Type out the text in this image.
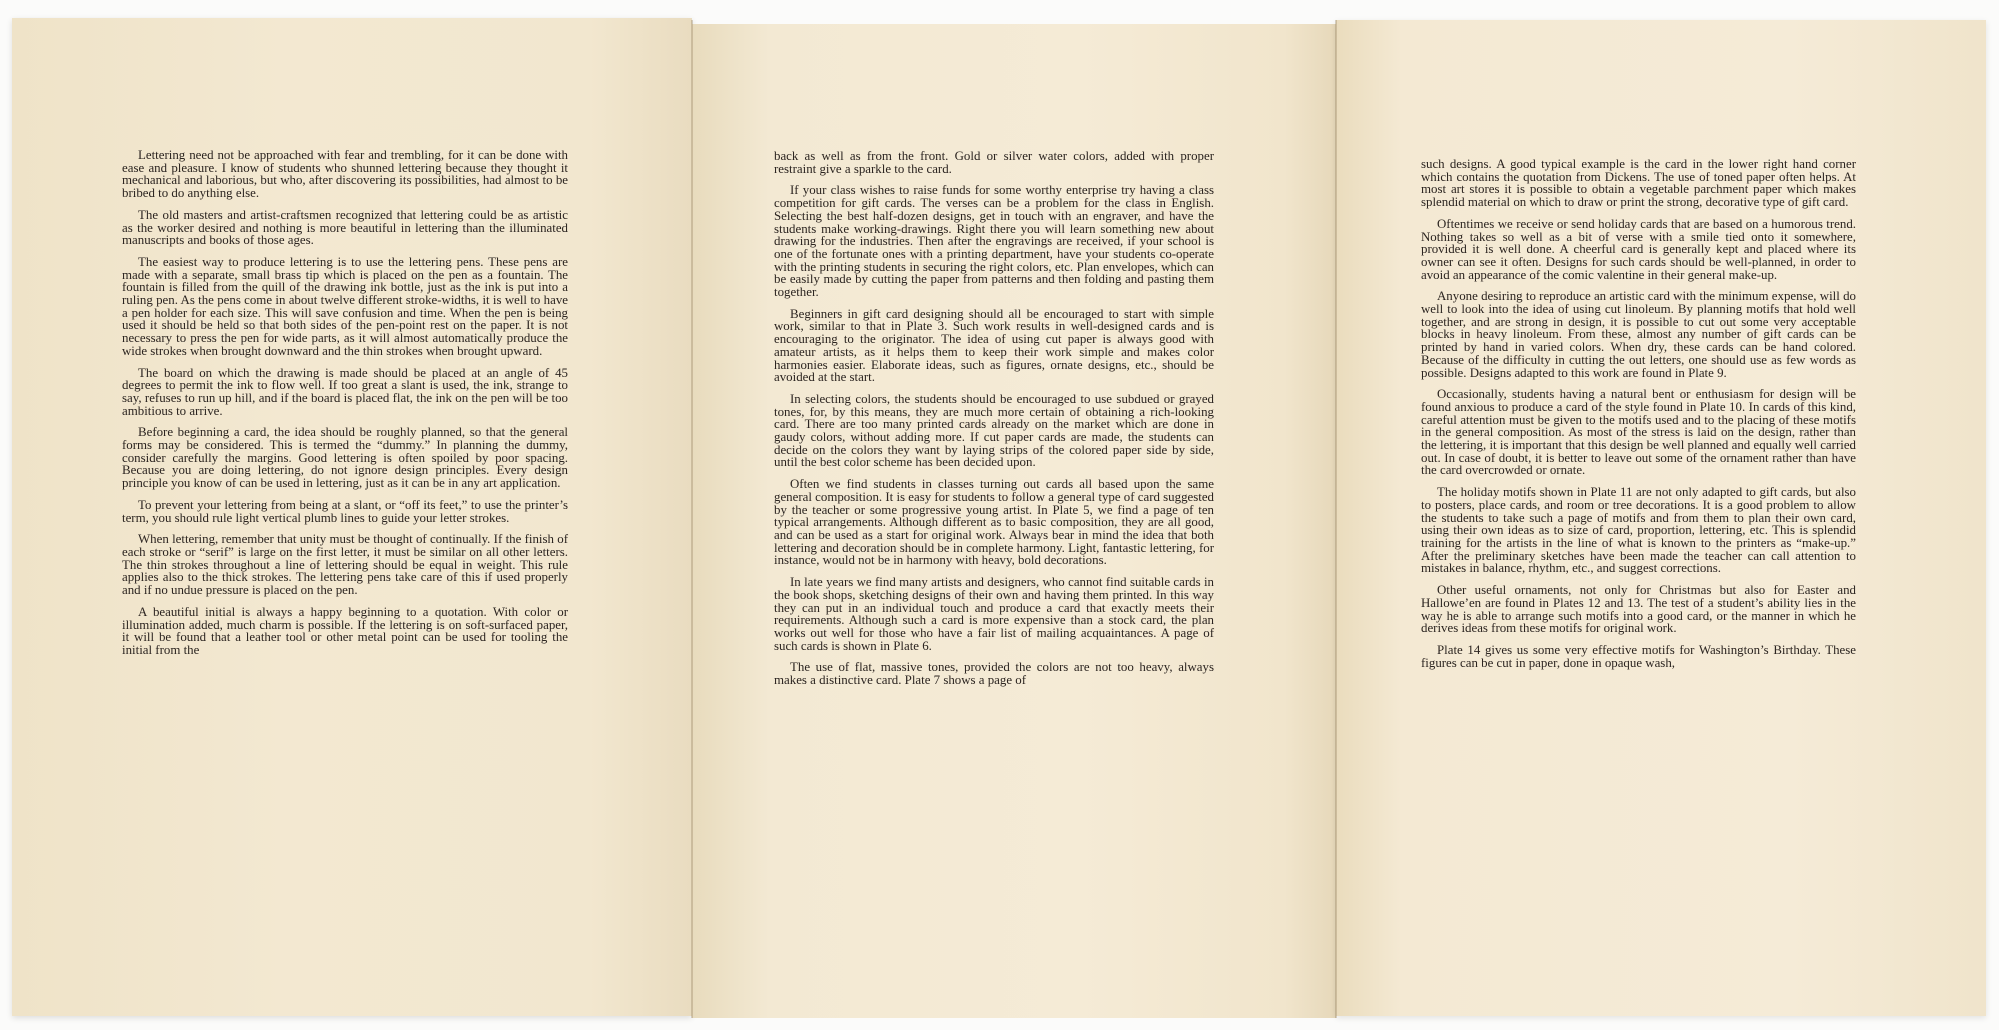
Lettering need not be approached with fear and trembling, for it can be done with ease and pleasure. I know of students who shunned lettering because they thought it mechanical and laborious, but who, after discovering its possibilities, had almost to be bribed to do anything else.

The old masters and artist-craftsmen recognized that lettering could be as artistic as the worker desired and nothing is more beautiful in lettering than the illuminated manuscripts and books of those ages.

The easiest way to produce lettering is to use the lettering pens. These pens are made with a separate, small brass tip which is placed on the pen as a fountain. The fountain is filled from the quill of the drawing ink bottle, just as the ink is put into a ruling pen. As the pens come in about twelve different stroke-widths, it is well to have a pen holder for each size. This will save confusion and time. When the pen is being used it should be held so that both sides of the pen-point rest on the paper. It is not necessary to press the pen for wide parts, as it will almost automatically produce the wide strokes when brought downward and the thin strokes when brought upward.

The board on which the drawing is made should be placed at an angle of 45 degrees to permit the ink to flow well. If too great a slant is used, the ink, strange to say, refuses to run up hill, and if the board is placed flat, the ink on the pen will be too ambitious to arrive.

Before beginning a card, the idea should be roughly planned, so that the general forms may be considered. This is termed the “dummy.” In planning the dummy, consider carefully the margins. Good lettering is often spoiled by poor spacing. Because you are doing lettering, do not ignore design principles. Every design principle you know of can be used in lettering, just as it can be in any art application.

To prevent your lettering from being at a slant, or “off its feet,” to use the printer’s term, you should rule light vertical plumb lines to guide your letter strokes.

When lettering, remember that unity must be thought of continually. If the finish of each stroke or “serif” is large on the first letter, it must be similar on all other letters. The thin strokes throughout a line of lettering should be equal in weight. This rule applies also to the thick strokes. The lettering pens take care of this if used properly and if no undue pressure is placed on the pen.

A beautiful initial is always a happy beginning to a quotation. With color or illumination added, much charm is possible. If the lettering is on soft-surfaced paper, it will be found that a leather tool or other metal point can be used for tooling the initial from the

back as well as from the front. Gold or silver water colors, added with proper restraint give a sparkle to the card.

If your class wishes to raise funds for some worthy enterprise try having a class competition for gift cards. The verses can be a problem for the class in English. Selecting the best half-dozen designs, get in touch with an engraver, and have the students make working-drawings. Right there you will learn something new about drawing for the industries. Then after the engravings are received, if your school is one of the fortunate ones with a printing department, have your students co-operate with the printing students in securing the right colors, etc. Plan envelopes, which can be easily made by cutting the paper from patterns and then folding and pasting them together.

Beginners in gift card designing should all be encouraged to start with simple work, similar to that in Plate 3. Such work results in well-designed cards and is encouraging to the originator. The idea of using cut paper is always good with amateur artists, as it helps them to keep their work simple and makes color harmonies easier. Elaborate ideas, such as figures, ornate designs, etc., should be avoided at the start.

In selecting colors, the students should be encouraged to use subdued or grayed tones, for, by this means, they are much more certain of obtaining a rich-looking card. There are too many printed cards already on the market which are done in gaudy colors, without adding more. If cut paper cards are made, the students can decide on the colors they want by laying strips of the colored paper side by side, until the best color scheme has been decided upon.

Often we find students in classes turning out cards all based upon the same general composition. It is easy for students to follow a general type of card suggested by the teacher or some progressive young artist. In Plate 5, we find a page of ten typical arrangements. Although different as to basic composition, they are all good, and can be used as a start for original work. Always bear in mind the idea that both lettering and decoration should be in complete harmony. Light, fantastic lettering, for instance, would not be in harmony with heavy, bold decorations.

In late years we find many artists and designers, who cannot find suitable cards in the book shops, sketching designs of their own and having them printed. In this way they can put in an individual touch and produce a card that exactly meets their requirements. Although such a card is more expensive than a stock card, the plan works out well for those who have a fair list of mailing acquaintances. A page of such cards is shown in Plate 6.

The use of flat, massive tones, provided the colors are not too heavy, always makes a distinctive card. Plate 7 shows a page of

such designs. A good typical example is the card in the lower right hand corner which contains the quotation from Dickens. The use of toned paper often helps. At most art stores it is possible to obtain a vegetable parchment paper which makes splendid material on which to draw or print the strong, decorative type of gift card.

Oftentimes we receive or send holiday cards that are based on a humorous trend. Nothing takes so well as a bit of verse with a smile tied onto it somewhere, provided it is well done. A cheerful card is generally kept and placed where its owner can see it often. Designs for such cards should be well-planned, in order to avoid an appearance of the comic valentine in their general make-up.

Anyone desiring to reproduce an artistic card with the minimum expense, will do well to look into the idea of using cut linoleum. By planning motifs that hold well together, and are strong in design, it is possible to cut out some very acceptable blocks in heavy linoleum. From these, almost any number of gift cards can be printed by hand in varied colors. When dry, these cards can be hand colored. Because of the difficulty in cutting the out letters, one should use as few words as possible. Designs adapted to this work are found in Plate 9.

Occasionally, students having a natural bent or enthusiasm for design will be found anxious to produce a card of the style found in Plate 10. In cards of this kind, careful attention must be given to the motifs used and to the placing of these motifs in the general composition. As most of the stress is laid on the design, rather than the lettering, it is important that this design be well planned and equally well carried out. In case of doubt, it is better to leave out some of the ornament rather than have the card overcrowded or ornate.

The holiday motifs shown in Plate 11 are not only adapted to gift cards, but also to posters, place cards, and room or tree decorations. It is a good problem to allow the students to take such a page of motifs and from them to plan their own card, using their own ideas as to size of card, proportion, lettering, etc. This is splendid training for the artists in the line of what is known to the printers as “make-up.” After the preliminary sketches have been made the teacher can call attention to mistakes in balance, rhythm, etc., and suggest corrections.

Other useful ornaments, not only for Christmas but also for Easter and Hallowe’en are found in Plates 12 and 13. The test of a student’s ability lies in the way he is able to arrange such motifs into a good card, or the manner in which he derives ideas from these motifs for original work.

Plate 14 gives us some very effective motifs for Washington’s Birthday. These figures can be cut in paper, done in opaque wash,
